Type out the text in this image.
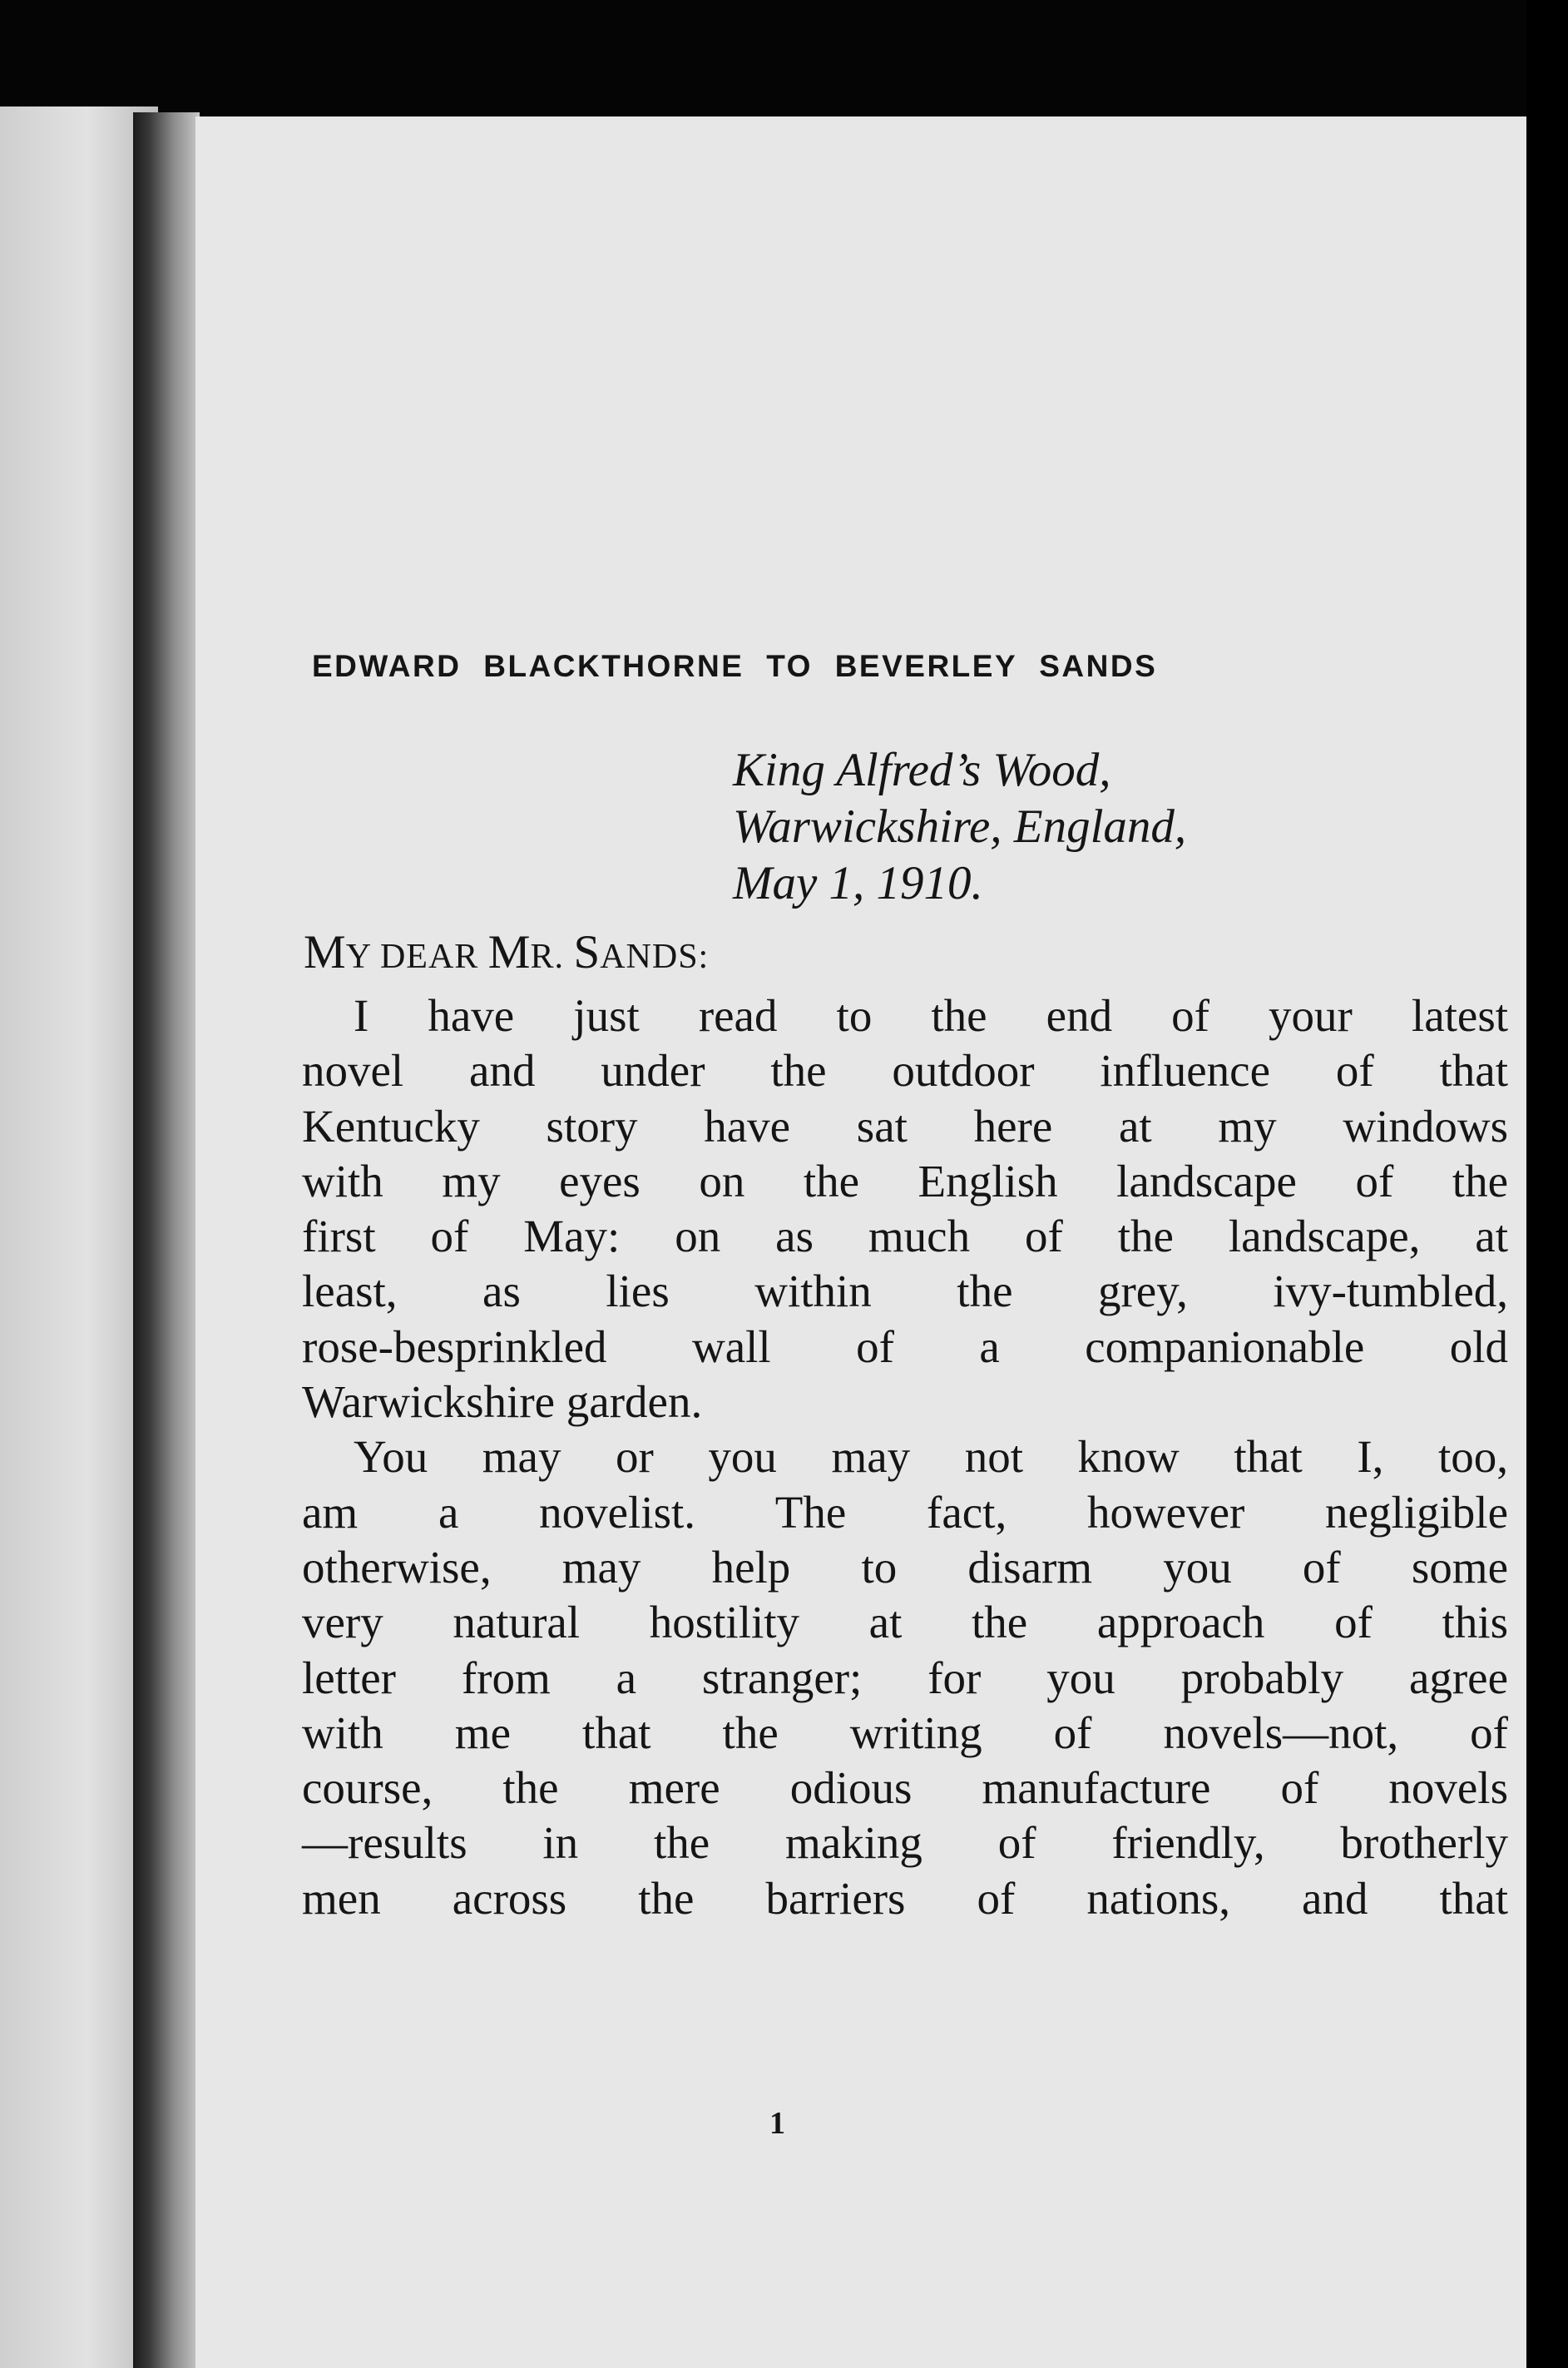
EDWARD BLACKTHORNE TO BEVERLEY SANDS
King Alfred’s Wood,
Warwickshire, England,
May 1, 1910.
MY DEAR MR. SANDS:
I have just read to the end of your latest
novel and under the outdoor influence of that
Kentucky story have sat here at my windows
with my eyes on the English landscape of the
first of May: on as much of the landscape, at
least, as lies within the grey, ivy-tumbled,
rose-besprinkled wall of a companionable old
Warwickshire garden.
You may or you may not know that I, too,
am a novelist. The fact, however negligible
otherwise, may help to disarm you of some
very natural hostility at the approach of this
letter from a stranger; for you probably agree
with me that the writing of novels—not, of
course, the mere odious manufacture of novels
—results in the making of friendly, brotherly
men across the barriers of nations, and that
1
